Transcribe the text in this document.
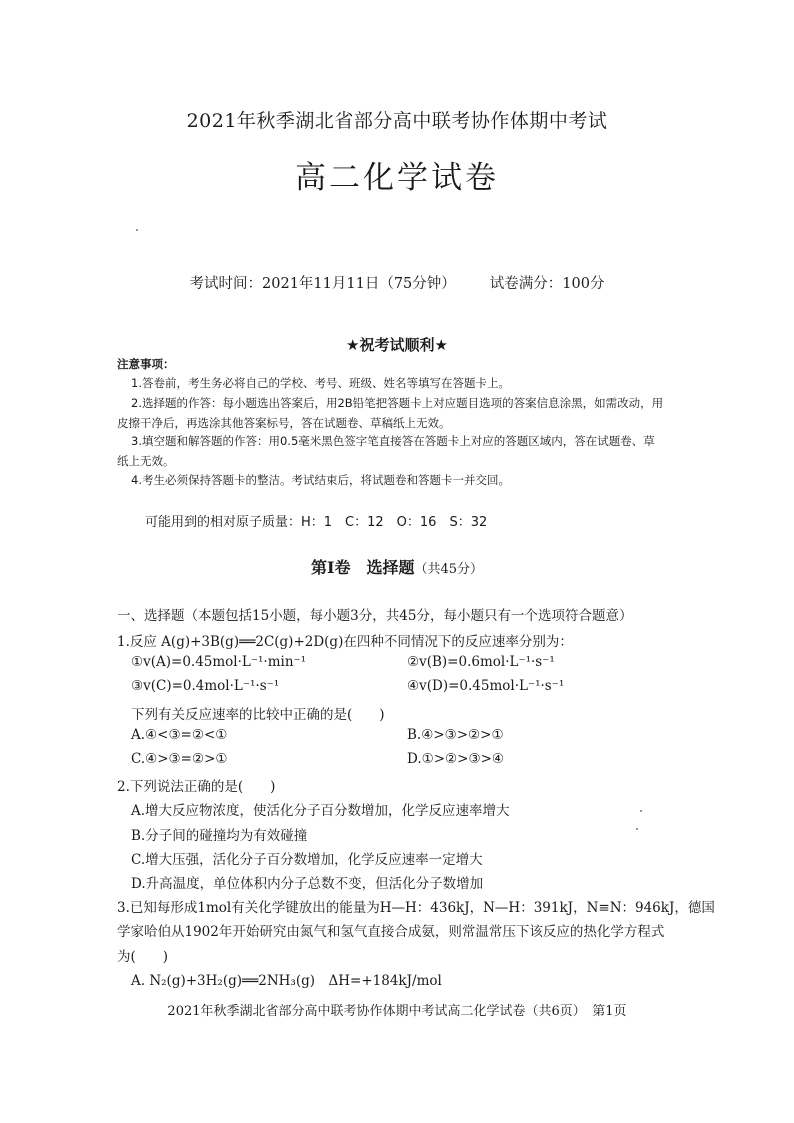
2021年秋季湖北省部分高中联考协作体期中考试
高二化学试卷
考试时间：2021年11月11日（75分钟） 试卷满分：100分
★祝考试顺利★
注意事项：
1.答卷前，考生务必将自己的学校、考号、班级、姓名等填写在答题卡上。
2.选择题的作答：每小题选出答案后，用2B铅笔把答题卡上对应题目选项的答案信息涂黑，如需改动，用
皮擦干净后，再选涂其他答案标号，答在试题卷、草稿纸上无效。
3.填空题和解答题的作答：用0.5毫米黑色签字笔直接答在答题卡上对应的答题区域内，答在试题卷、草
纸上无效。
4.考生必须保持答题卡的整洁。考试结束后，将试题卷和答题卡一并交回。
可能用到的相对原子质量：H：1　C：12　O：16　S：32
第Ⅰ卷　选择题（共45分）
一、选择题（本题包括15小题，每小题3分，共45分，每小题只有一个选项符合题意）
1.反应 A(g)+3B(g)══2C(g)+2D(g)在四种不同情况下的反应速率分别为：
①v(A)=0.45mol·L⁻¹·min⁻¹	②v(B)=0.6mol·L⁻¹·s⁻¹
③v(C)=0.4mol·L⁻¹·s⁻¹	④v(D)=0.45mol·L⁻¹·s⁻¹
下列有关反应速率的比较中正确的是(　　)
A.④<③=②<①	B.④>③>②>①
C.④>③=②>①	D.①>②>③>④
2.下列说法正确的是(　　)
A.增大反应物浓度，使活化分子百分数增加，化学反应速率增大
B.分子间的碰撞均为有效碰撞
C.增大压强，活化分子百分数增加，化学反应速率一定增大
D.升高温度，单位体积内分子总数不变，但活化分子数增加
3.已知每形成1mol有关化学键放出的能量为H—H：436kJ，N—H：391kJ，N≡N：946kJ，德国
学家哈伯从1902年开始研究由氮气和氢气直接合成氨，则常温常压下该反应的热化学方程式
为(　　)
A. N₂(g)+3H₂(g)══2NH₃(g)　ΔH=+184kJ/mol
2021年秋季湖北省部分高中联考协作体期中考试高二化学试卷（共6页）　第1页
